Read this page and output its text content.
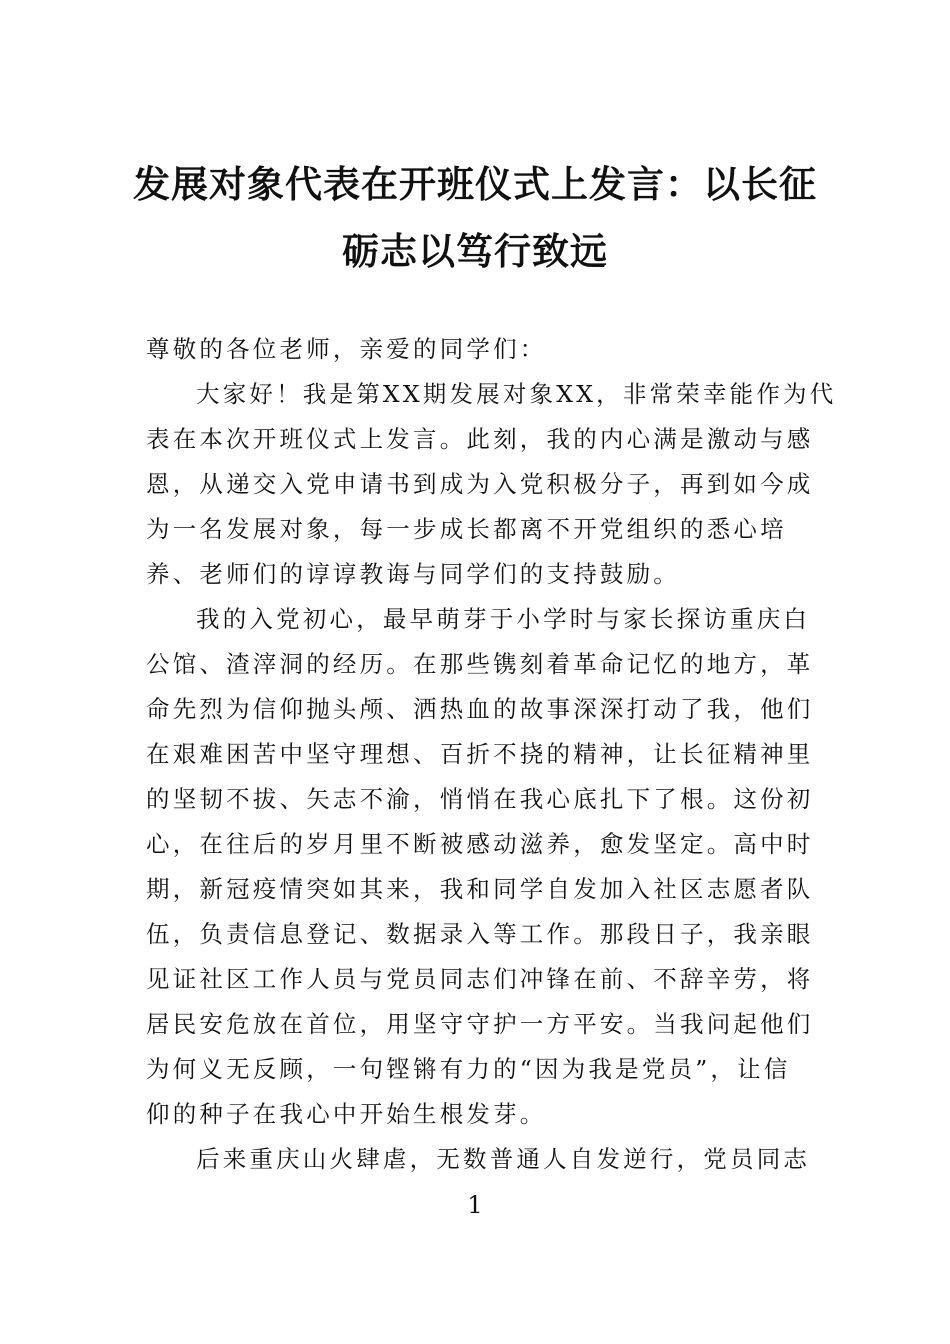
发展对象代表在开班仪式上发言：以长征
砺志以笃行致远

尊敬的各位老师，亲爱的同学们：

大家好！我是第XX期发展对象XX，非常荣幸能作为代

表在本次开班仪式上发言。此刻，我的内心满是激动与感

恩，从递交入党申请书到成为入党积极分子，再到如今成

为一名发展对象，每一步成长都离不开党组织的悉心培

养、老师们的谆谆教诲与同学们的支持鼓励。

我的入党初心，最早萌芽于小学时与家长探访重庆白

公馆、渣滓洞的经历。在那些镌刻着革命记忆的地方，革

命先烈为信仰抛头颅、洒热血的故事深深打动了我，他们

在艰难困苦中坚守理想、百折不挠的精神，让长征精神里

的坚韧不拔、矢志不渝，悄悄在我心底扎下了根。这份初

心，在往后的岁月里不断被感动滋养，愈发坚定。高中时

期，新冠疫情突如其来，我和同学自发加入社区志愿者队

伍，负责信息登记、数据录入等工作。那段日子，我亲眼

见证社区工作人员与党员同志们冲锋在前、不辞辛劳，将

居民安危放在首位，用坚守守护一方平安。当我问起他们

为何义无反顾，一句铿锵有力的“因为我是党员”，让信

仰的种子在我心中开始生根发芽。

后来重庆山火肆虐，无数普通人自发逆行，党员同志

1
